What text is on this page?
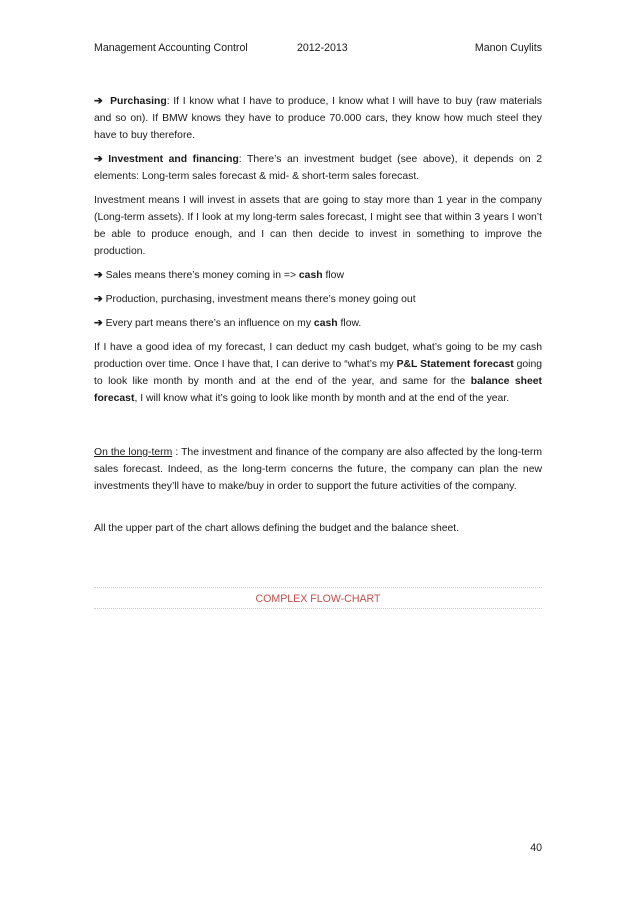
Management Accounting Control	2012-2013	Manon Cuylits

➔ Purchasing: If I know what I have to produce, I know what I will have to buy (raw materials and so on). If BMW knows they have to produce 70.000 cars, they know how much steel they have to buy therefore.

➔ Investment and financing: There’s an investment budget (see above), it depends on 2 elements: Long-term sales forecast & mid- & short-term sales forecast.

Investment means I will invest in assets that are going to stay more than 1 year in the company (Long-term assets). If I look at my long-term sales forecast, I might see that within 3 years I won’t be able to produce enough, and I can then decide to invest in something to improve the production.

➔ Sales means there’s money coming in => cash flow

➔ Production, purchasing, investment means there’s money going out

➔ Every part means there’s an influence on my cash flow.

If I have a good idea of my forecast, I can deduct my cash budget, what’s going to be my cash production over time. Once I have that, I can derive to “what’s my P&L Statement forecast going to look like month by month and at the end of the year, and same for the balance sheet forecast, I will know what it’s going to look like month by month and at the end of the year.

On the long-term : The investment and finance of the company are also affected by the long-term sales forecast. Indeed, as the long-term concerns the future, the company can plan the new investments they’ll have to make/buy in order to support the future activities of the company.

All the upper part of the chart allows defining the budget and the balance sheet.

COMPLEX FLOW-CHART
40
